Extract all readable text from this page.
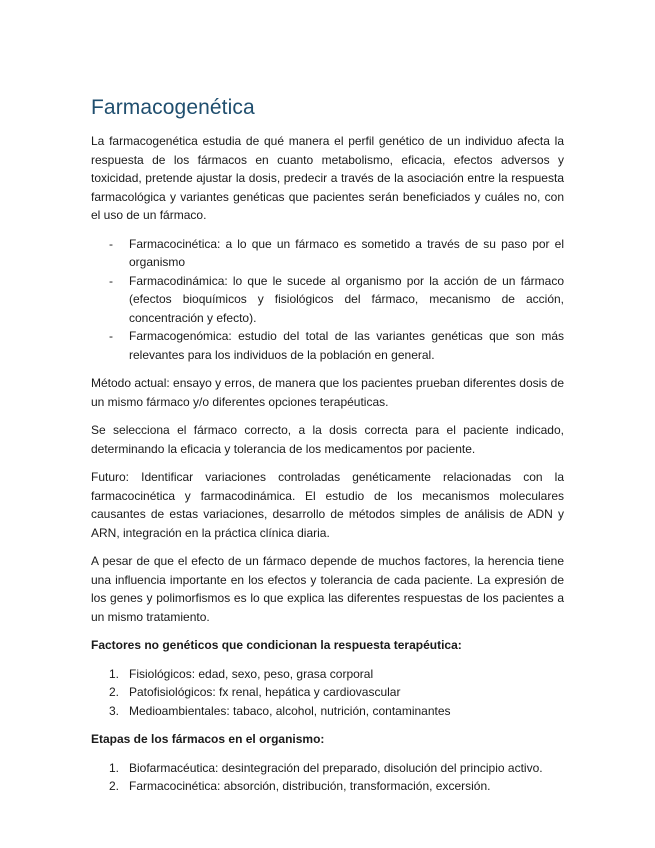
Farmacogenética

La farmacogenética estudia de qué manera el perfil genético de un individuo afecta la respuesta de los fármacos en cuanto metabolismo, eficacia, efectos adversos y toxicidad, pretende ajustar la dosis, predecir a través de la asociación entre la respuesta farmacológica y variantes genéticas que pacientes serán beneficiados y cuáles no, con el uso de un fármaco.

- Farmacocinética: a lo que un fármaco es sometido a través de su paso por el organismo
- Farmacodinámica: lo que le sucede al organismo por la acción de un fármaco (efectos bioquímicos y fisiológicos del fármaco, mecanismo de acción, concentración y efecto).
- Farmacogenómica: estudio del total de las variantes genéticas que son más relevantes para los individuos de la población en general.

Método actual: ensayo y erros, de manera que los pacientes prueban diferentes dosis de un mismo fármaco y/o diferentes opciones terapéuticas.

Se selecciona el fármaco correcto, a la dosis correcta para el paciente indicado, determinando la eficacia y tolerancia de los medicamentos por paciente.

Futuro: Identificar variaciones controladas genéticamente relacionadas con la farmacocinética y farmacodinámica. El estudio de los mecanismos moleculares causantes de estas variaciones, desarrollo de métodos simples de análisis de ADN y ARN, integración en la práctica clínica diaria.

A pesar de que el efecto de un fármaco depende de muchos factores, la herencia tiene una influencia importante en los efectos y tolerancia de cada paciente. La expresión de los genes y polimorfismos es lo que explica las diferentes respuestas de los pacientes a un mismo tratamiento.

Factores no genéticos que condicionan la respuesta terapéutica:

1. Fisiológicos: edad, sexo, peso, grasa corporal
2. Patofisiológicos: fx renal, hepática y cardiovascular
3. Medioambientales: tabaco, alcohol, nutrición, contaminantes

Etapas de los fármacos en el organismo:

1. Biofarmacéutica: desintegración del preparado, disolución del principio activo.
2. Farmacocinética: absorción, distribución, transformación, excersión.
